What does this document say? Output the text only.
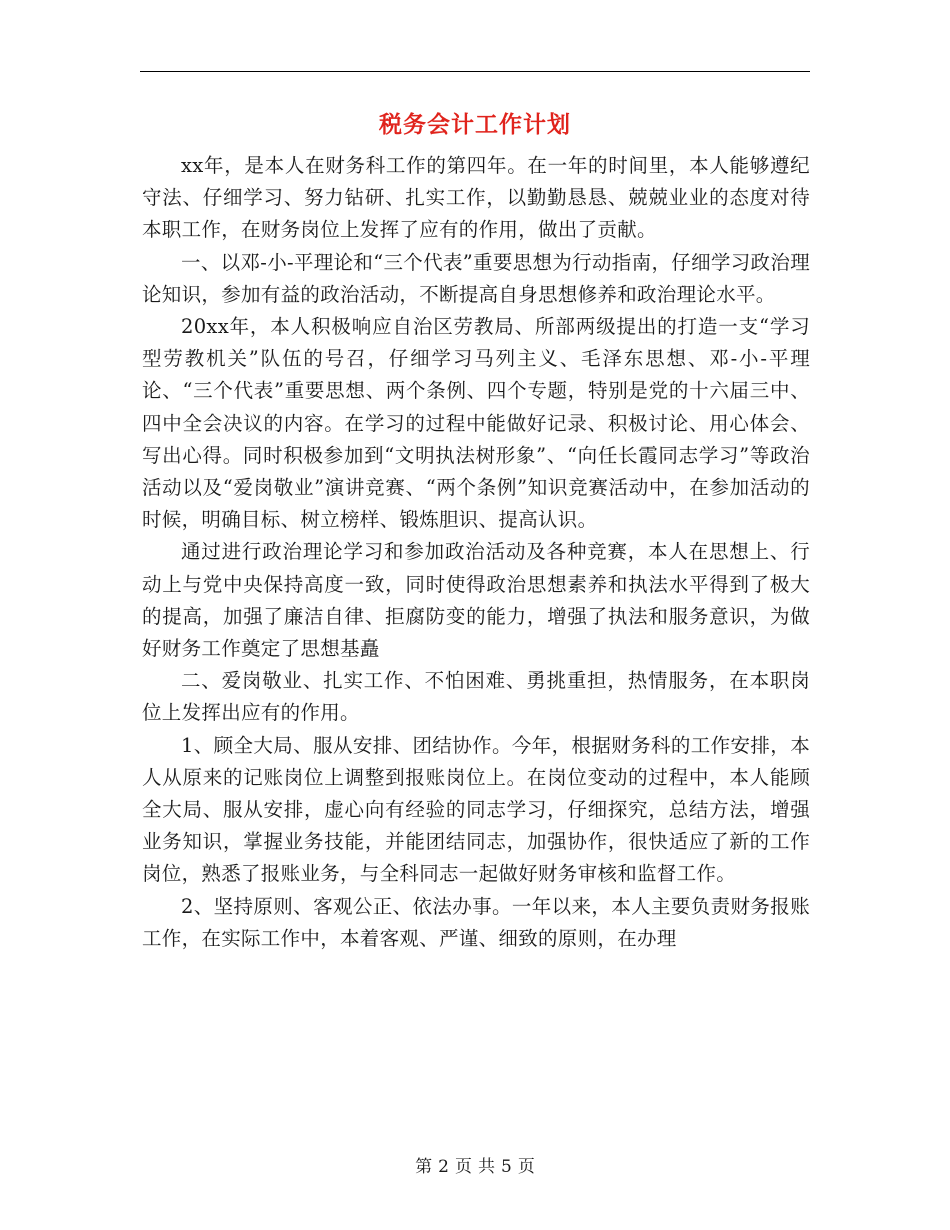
税务会计工作计划

xx年，是本人在财务科工作的第四年。在一年的时间里，本人能够遵纪守法、仔细学习、努力钻研、扎实工作，以勤勤恳恳、兢兢业业的态度对待本职工作，在财务岗位上发挥了应有的作用，做出了贡献。

一、以邓-小-平理论和“三个代表”重要思想为行动指南，仔细学习政治理论知识，参加有益的政治活动，不断提高自身思想修养和政治理论水平。

20xx年，本人积极响应自治区劳教局、所部两级提出的打造一支“学习型劳教机关”队伍的号召，仔细学习马列主义、毛泽东思想、邓-小-平理论、“三个代表”重要思想、两个条例、四个专题，特别是党的十六届三中、四中全会决议的内容。在学习的过程中能做好记录、积极讨论、用心体会、写出心得。同时积极参加到“文明执法树形象”、“向任长霞同志学习”等政治活动以及“爱岗敬业”演讲竞赛、“两个条例”知识竞赛活动中，在参加活动的时候，明确目标、树立榜样、锻炼胆识、提高认识。

通过进行政治理论学习和参加政治活动及各种竞赛，本人在思想上、行动上与党中央保持高度一致，同时使得政治思想素养和执法水平得到了极大的提高，加强了廉洁自律、拒腐防变的能力，增强了执法和服务意识，为做好财务工作奠定了思想基矗

二、爱岗敬业、扎实工作、不怕困难、勇挑重担，热情服务，在本职岗位上发挥出应有的作用。

1、顾全大局、服从安排、团结协作。今年，根据财务科的工作安排，本人从原来的记账岗位上调整到报账岗位上。在岗位变动的过程中，本人能顾全大局、服从安排，虚心向有经验的同志学习，仔细探究，总结方法，增强业务知识，掌握业务技能，并能团结同志，加强协作，很快适应了新的工作岗位，熟悉了报账业务，与全科同志一起做好财务审核和监督工作。

2、坚持原则、客观公正、依法办事。一年以来，本人主要负责财务报账工作，在实际工作中，本着客观、严谨、细致的原则，在办理

第 2 页 共 5 页
